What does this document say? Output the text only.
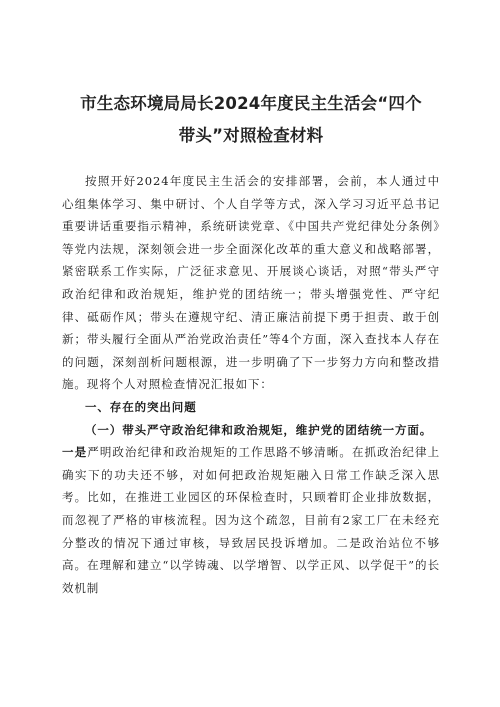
市生态环境局局长2024年度民主生活会“四个
带头”对照检查材料

按照开好2024年度民主生活会的安排部署，会前，本人通过中心组集体学习、集中研讨、个人自学等方式，深入学习习近平总书记重要讲话重要指示精神，系统研读党章、《中国共产党纪律处分条例》等党内法规，深刻领会进一步全面深化改革的重大意义和战略部署，紧密联系工作实际，广泛征求意见、开展谈心谈话，对照“带头严守政治纪律和政治规矩，维护党的团结统一；带头增强党性、严守纪律、砥砺作风；带头在遵规守纪、清正廉洁前提下勇于担责、敢于创新；带头履行全面从严治党政治责任”等4个方面，深入查找本人存在的问题，深刻剖析问题根源，进一步明确了下一步努力方向和整改措施。现将个人对照检查情况汇报如下：

一、存在的突出问题

（一）带头严守政治纪律和政治规矩，维护党的团结统一方面。

一是严明政治纪律和政治规矩的工作思路不够清晰。在抓政治纪律上确实下的功夫还不够，对如何把政治规矩融入日常工作缺乏深入思考。比如，在推进工业园区的环保检查时，只顾着盯企业排放数据，而忽视了严格的审核流程。因为这个疏忽，目前有2家工厂在未经充分整改的情况下通过审核，导致居民投诉增加。二是政治站位不够高。在理解和建立“以学铸魂、以学增智、以学正风、以学促干”的长效机制
